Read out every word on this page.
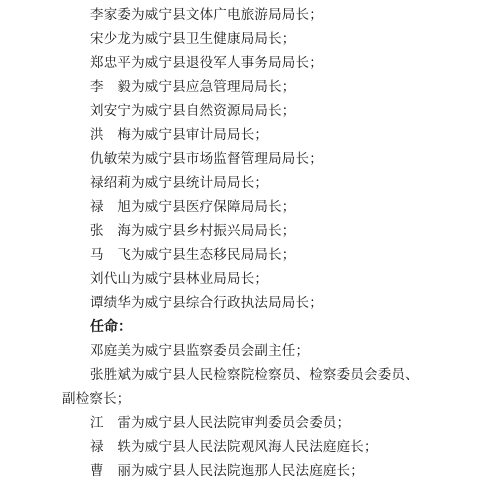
李家委为威宁县文体广电旅游局局长；
宋少龙为威宁县卫生健康局局长；
郑忠平为威宁县退役军人事务局局长；
李　毅为威宁县应急管理局局长；
刘安宁为威宁县自然资源局局长；
洪　梅为威宁县审计局局长；
仇敏荣为威宁县市场监督管理局局长；
禄绍莉为威宁县统计局局长；
禄　旭为威宁县医疗保障局局长；
张　海为威宁县乡村振兴局局长；
马　飞为威宁县生态移民局局长；
刘代山为威宁县林业局局长；
谭绩华为威宁县综合行政执法局局长；
任命：
邓庭美为威宁县监察委员会副主任；
张胜斌为威宁县人民检察院检察员、检察委员会委员、
副检察长；
江　雷为威宁县人民法院审判委员会委员；
禄　轶为威宁县人民法院观风海人民法庭庭长；
曹　丽为威宁县人民法院迤那人民法庭庭长；
